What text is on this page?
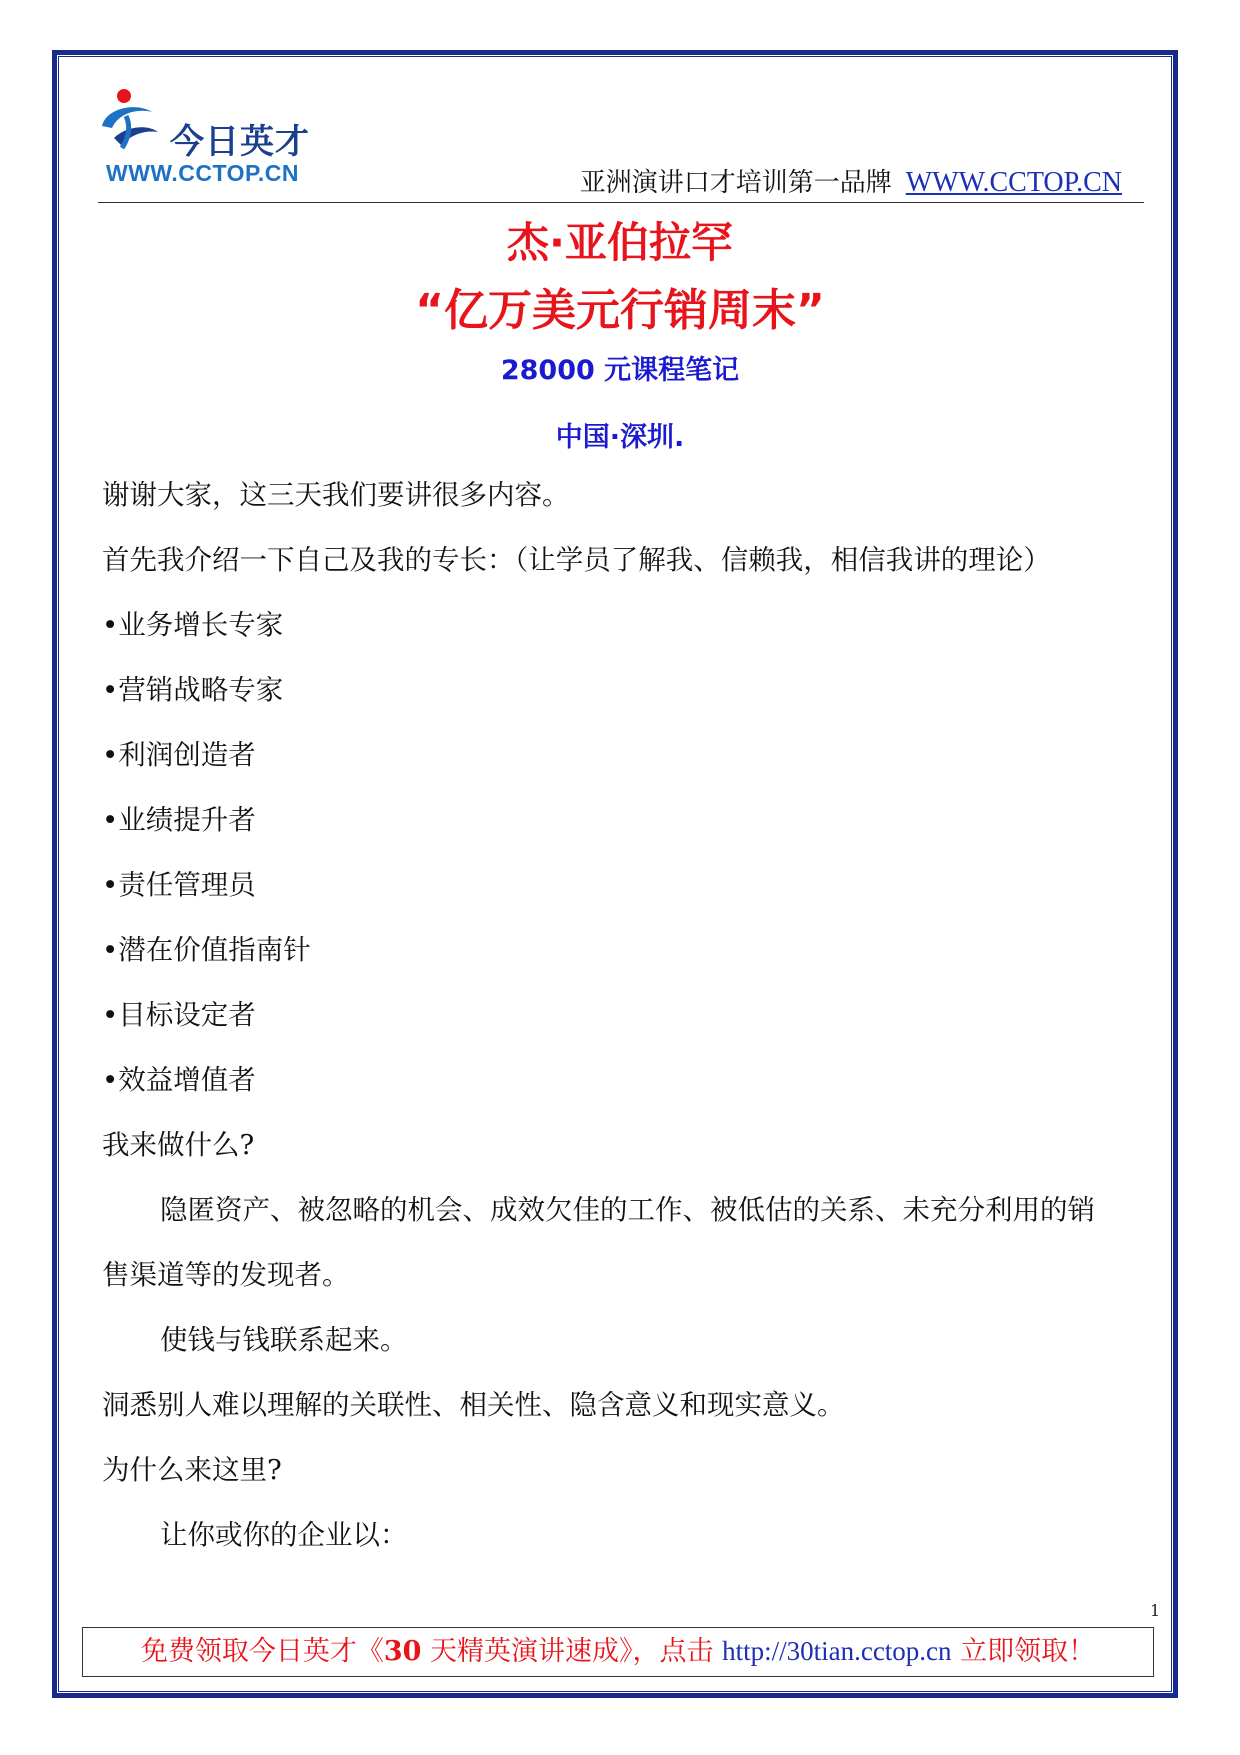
今日英才
WWW.CCTOP.CN	亚洲演讲口才培训第一品牌 WWW.CCTOP.CN
杰·亚伯拉罕
“亿万美元行销周末”
28000 元课程笔记
中国·深圳.
谢谢大家，这三天我们要讲很多内容。
首先我介绍一下自己及我的专长：（让学员了解我、信赖我，相信我讲的理论）
•业务增长专家
•营销战略专家
•利润创造者
•业绩提升者
•责任管理员
•潜在价值指南针
•目标设定者
•效益增值者
我来做什么?
隐匿资产、被忽略的机会、成效欠佳的工作、被低估的关系、未充分利用的销
售渠道等的发现者。
使钱与钱联系起来。
洞悉别人难以理解的关联性、相关性、隐含意义和现实意义。
为什么来这里?
让你或你的企业以：
1
免费领取今日英才《30 天精英演讲速成》，点击 http://30tian.cctop.cn 立即领取！
